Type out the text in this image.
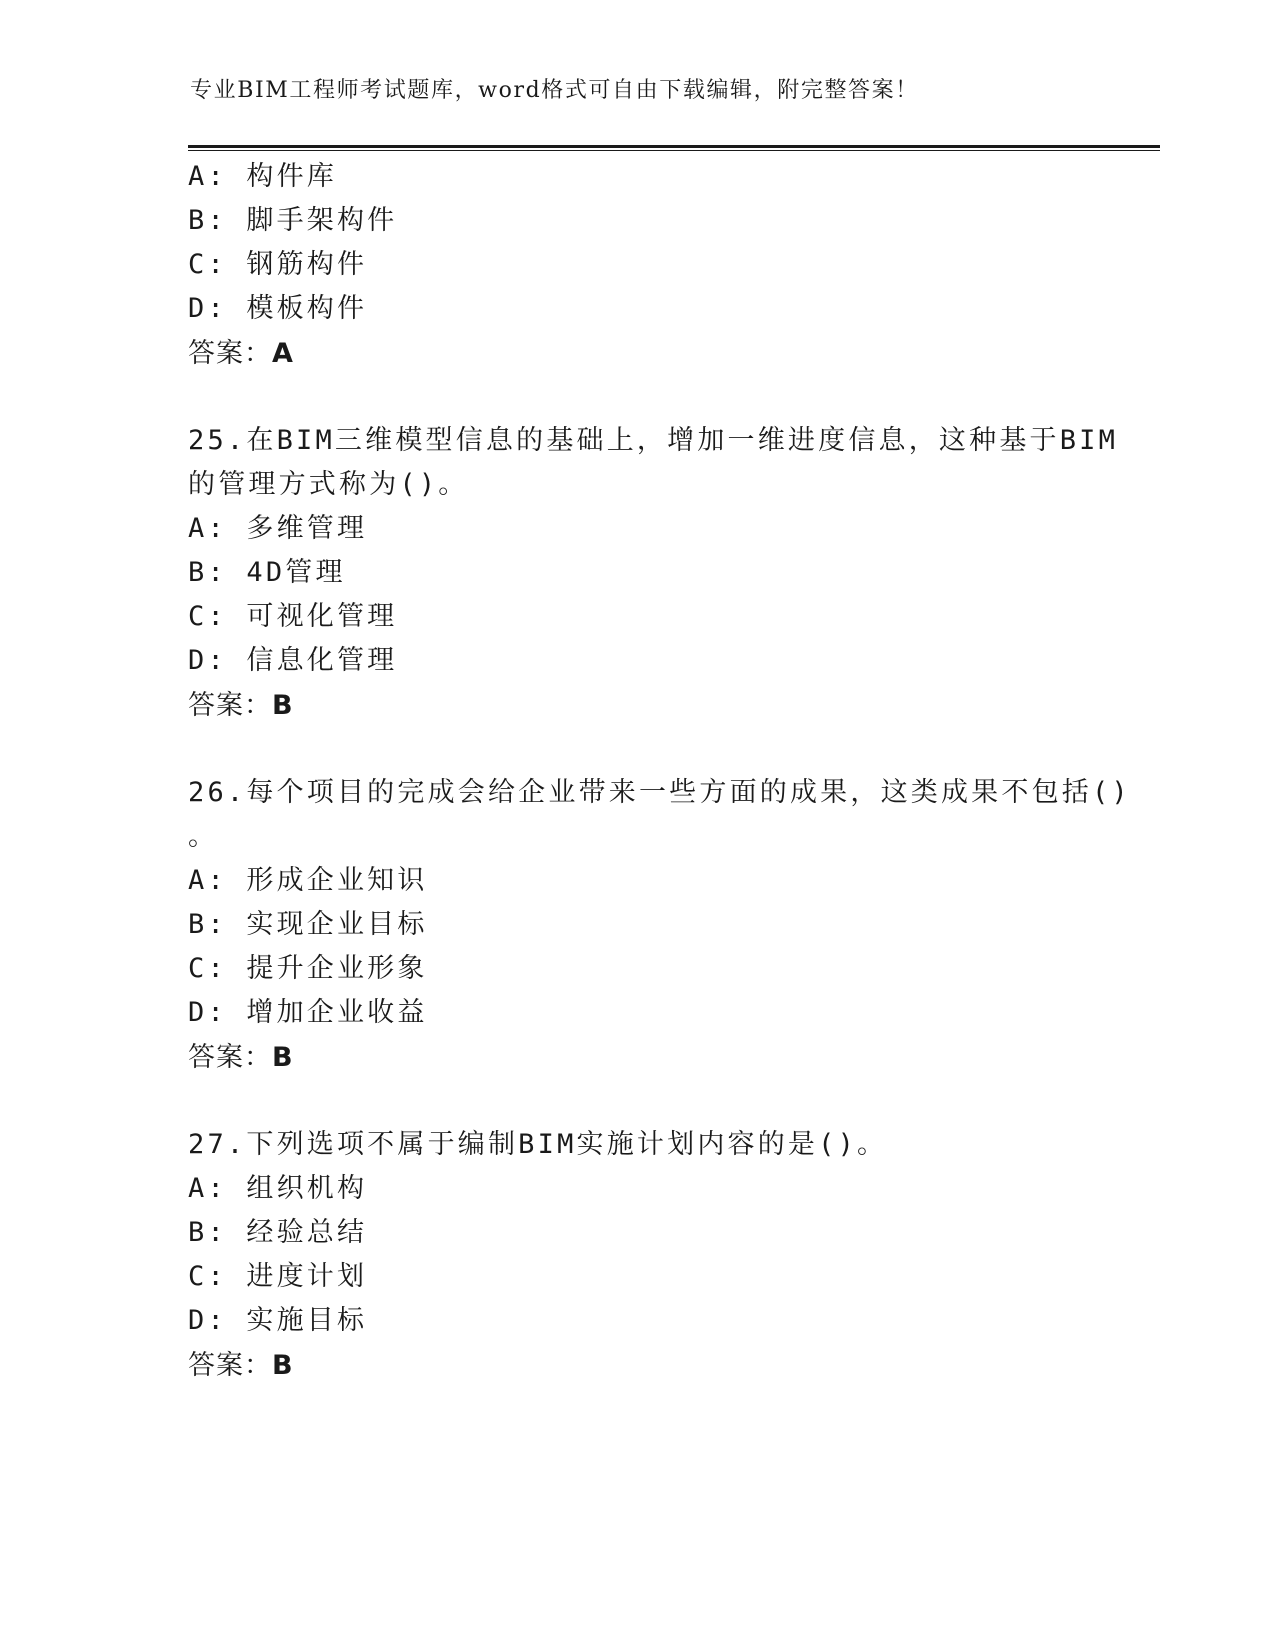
专业BIM工程师考试题库，word格式可自由下载编辑，附完整答案！
A: 构件库
B: 脚手架构件
C: 钢筋构件
D: 模板构件
答案：A
25.在BIM三维模型信息的基础上，增加一维进度信息，这种基于BIM
的管理方式称为()。
A: 多维管理
B: 4D管理
C: 可视化管理
D: 信息化管理
答案：B
26.每个项目的完成会给企业带来一些方面的成果，这类成果不包括()
。
A: 形成企业知识
B: 实现企业目标
C: 提升企业形象
D: 增加企业收益
答案：B
27.下列选项不属于编制BIM实施计划内容的是()。
A: 组织机构
B: 经验总结
C: 进度计划
D: 实施目标
答案：B
